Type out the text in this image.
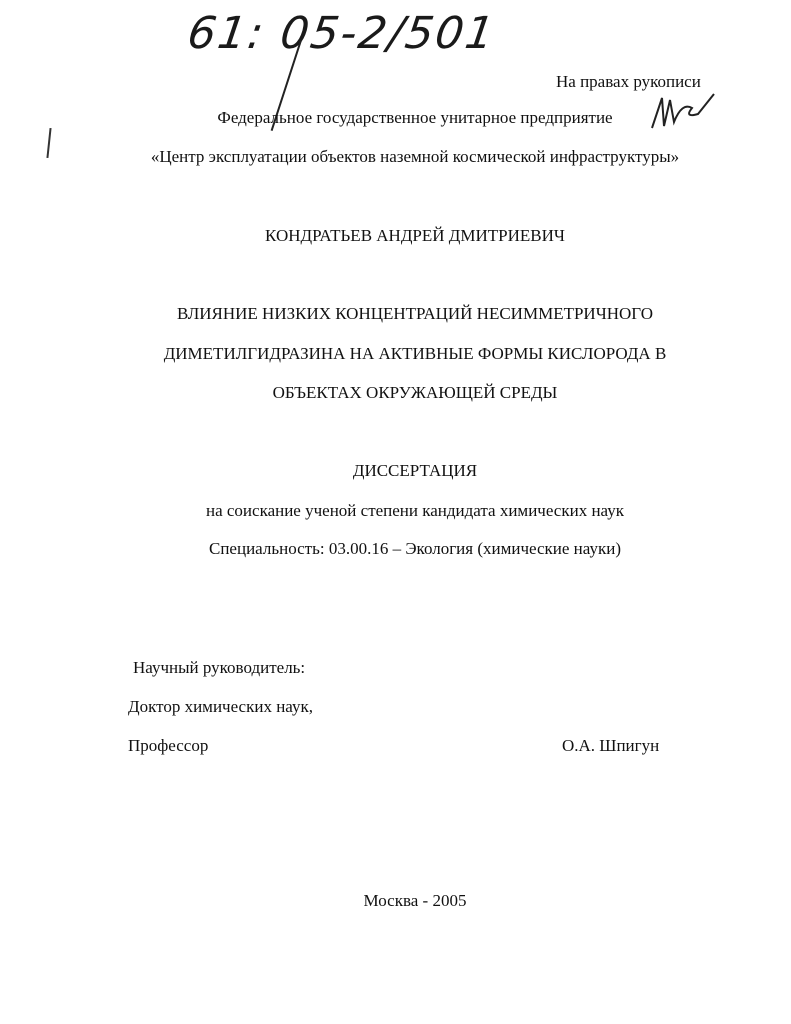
61: 05-2/501
На правах рукописи
Федеральное государственное унитарное предприятие
«Центр эксплуатации объектов наземной космической инфраструктуры»
КОНДРАТЬЕВ АНДРЕЙ ДМИТРИЕВИЧ
ВЛИЯНИЕ НИЗКИХ КОНЦЕНТРАЦИЙ НЕСИММЕТРИЧНОГО
ДИМЕТИЛГИДРАЗИНА НА АКТИВНЫЕ ФОРМЫ КИСЛОРОДА В
ОБЪЕКТАХ ОКРУЖАЮЩЕЙ СРЕДЫ
ДИССЕРТАЦИЯ
на соискание ученой степени кандидата химических наук
Специальность: 03.00.16 – Экология (химические науки)
Научный руководитель:
Доктор химических наук,
Профессор	О.А. Шпигун
Москва - 2005
